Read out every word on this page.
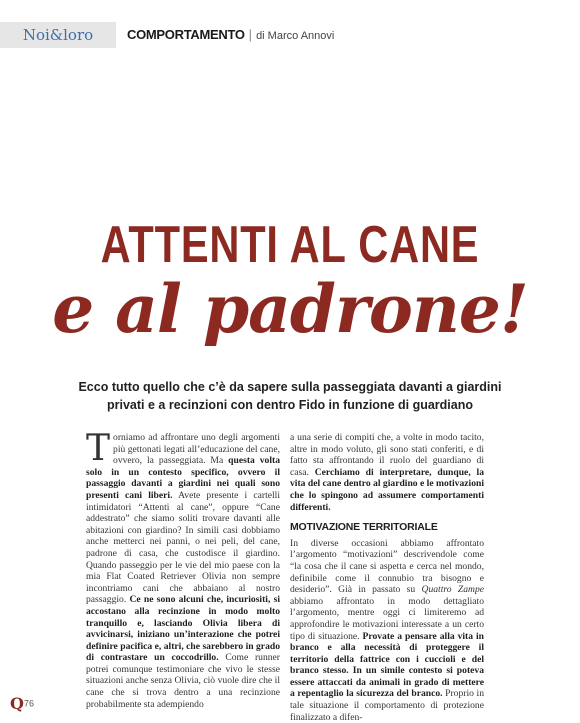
Noi&loro	COMPORTAMENTO | di Marco Annovi
ATTENTI AL CANE
e al padrone!
Ecco tutto quello che c’è da sapere sulla passeggiata davanti a giardini privati e a recinzioni con dentro Fido in funzione di guardiano

Torniamo ad affrontare uno degli argomenti più gettonati legati all’educazione del cane, ovvero, la passeggiata. Ma questa volta solo in un contesto specifico, ovvero il passaggio davanti a giardini nei quali sono presenti cani liberi. Avete presente i cartelli intimidatori “Attenti al cane”, oppure “Cane addestrato” che siamo soliti trovare davanti alle abitazioni con giardino? In simili casi dobbiamo anche metterci nei panni, o nei peli, del cane, padrone di casa, che custodisce il giardino. Quando passeggio per le vie del mio paese con la mia Flat Coated Retriever Olivia non sempre incontriamo cani che abbaiano al nostro passaggio. Ce ne sono alcuni che, incuriositi, si accostano alla recinzione in modo molto tranquillo e, lasciando Olivia libera di avvicinarsi, iniziano un’interazione che potrei definire pacifica e, altri, che sarebbero in grado di contrastare un coccodrillo. Come runner potrei comunque testimoniare che vivo le stesse situazioni anche senza Olivia, ciò vuole dire che il cane che si trova dentro a una recinzione probabilmente sta adempiendo

a una serie di compiti che, a volte in modo tacito, altre in modo voluto, gli sono stati conferiti, e di fatto sta affrontando il ruolo del guardiano di casa. Cerchiamo di interpretare, dunque, la vita del cane dentro al giardino e le motivazioni che lo spingono ad assumere comportamenti differenti.

MOTIVAZIONE TERRITORIALE

In diverse occasioni abbiamo affrontato l’argomento “motivazioni” descrivendole come “la cosa che il cane si aspetta e cerca nel mondo, definibile come il connubio tra bisogno e desiderio”. Già in passato su Quattro Zampe abbiamo affrontato in modo dettagliato l’argomento, mentre oggi ci limiteremo ad approfondire le motivazioni interessate a un certo tipo di situazione. Provate a pensare alla vita in branco e alla necessità di proteggere il territorio della fattrice con i cuccioli e del branco stesso. In un simile contesto si poteva essere attaccati da animali in grado di mettere a repentaglio la sicurezza del branco. Proprio in tale situazione il comportamento di protezione finalizzato a difen-

Q76
